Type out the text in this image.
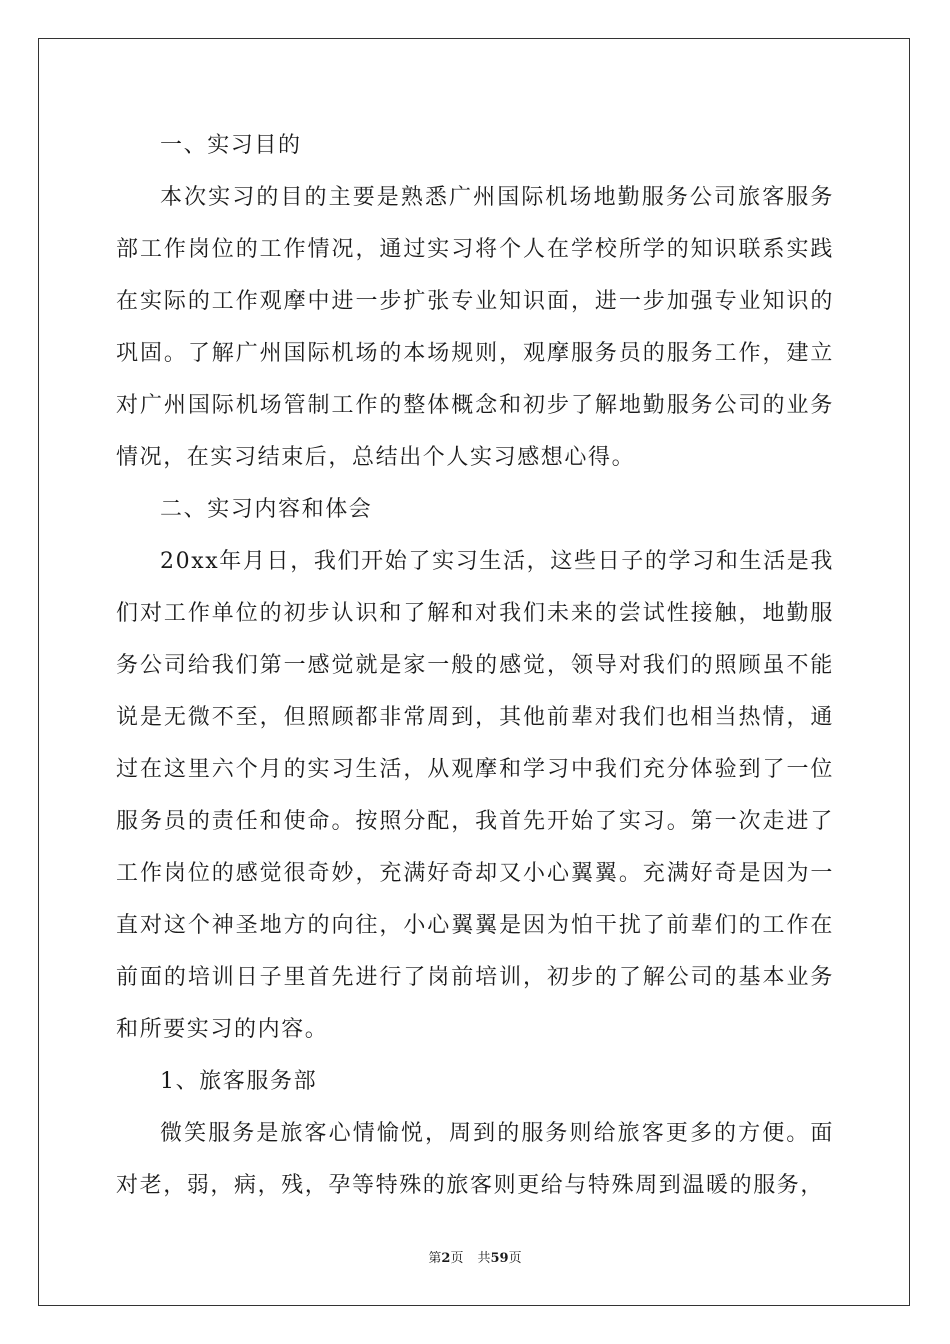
一、实习目的

本次实习的目的主要是熟悉广州国际机场地勤服务公司旅客服务部工作岗位的工作情况，通过实习将个人在学校所学的知识联系实践在实际的工作观摩中进一步扩张专业知识面，进一步加强专业知识的巩固。了解广州国际机场的本场规则，观摩服务员的服务工作，建立对广州国际机场管制工作的整体概念和初步了解地勤服务公司的业务情况，在实习结束后，总结出个人实习感想心得。

二、实习内容和体会

20xx年月日，我们开始了实习生活，这些日子的学习和生活是我们对工作单位的初步认识和了解和对我们未来的尝试性接触，地勤服务公司给我们第一感觉就是家一般的感觉，领导对我们的照顾虽不能说是无微不至，但照顾都非常周到，其他前辈对我们也相当热情，通过在这里六个月的实习生活，从观摩和学习中我们充分体验到了一位服务员的责任和使命。按照分配，我首先开始了实习。第一次走进了工作岗位的感觉很奇妙，充满好奇却又小心翼翼。充满好奇是因为一直对这个神圣地方的向往，小心翼翼是因为怕干扰了前辈们的工作在前面的培训日子里首先进行了岗前培训，初步的了解公司的基本业务和所要实习的内容。

1、旅客服务部

微笑服务是旅客心情愉悦，周到的服务则给旅客更多的方便。面对老，弱，病，残，孕等特殊的旅客则更给与特殊周到温暖的服务，

第2页 共59页
